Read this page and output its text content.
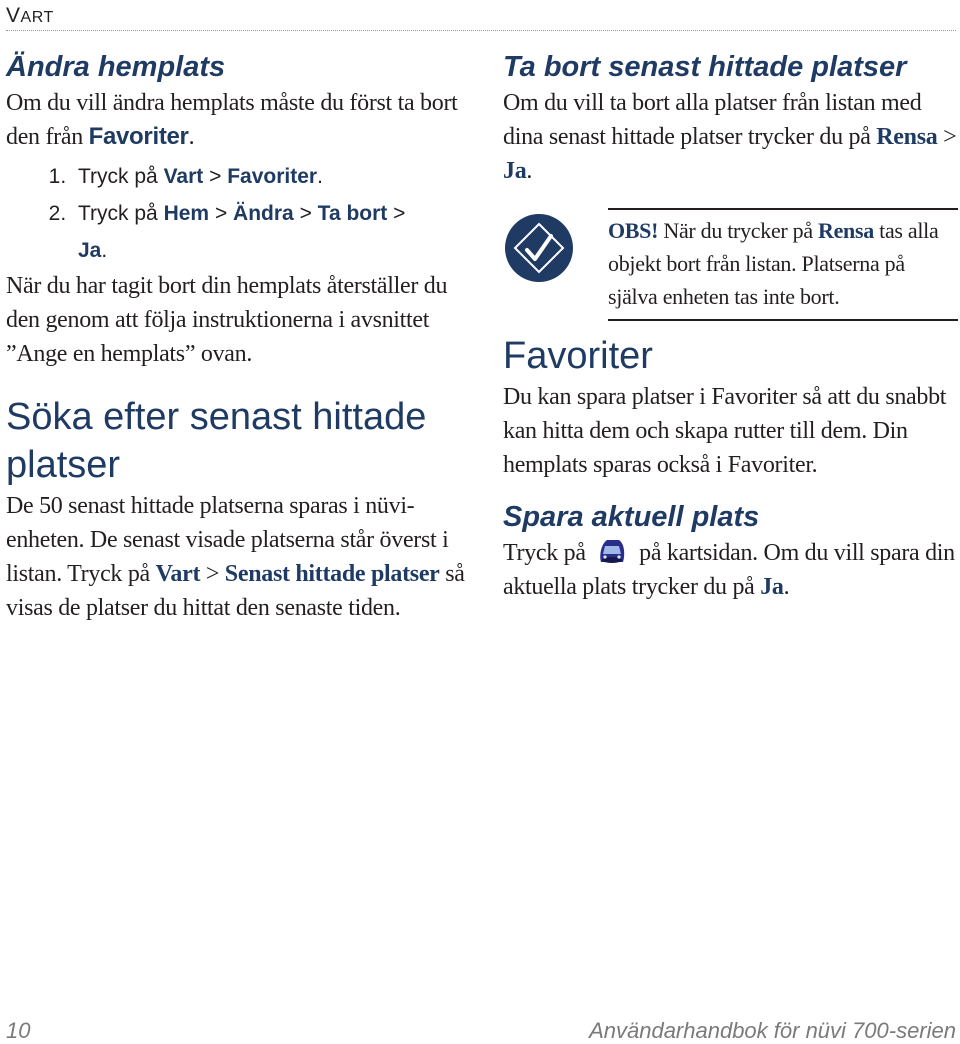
VART
Ändra hemplats

Om du vill ändra hemplats måste du först ta bort den från Favoriter.

1. Tryck på Vart > Favoriter.
2. Tryck på Hem > Ändra > Ta bort >
Ja.

När du har tagit bort din hemplats återställer du den genom att följa instruktionerna i avsnittet ”Ange en hemplats” ovan.

Söka efter senast hittade platser

De 50 senast hittade platserna sparas i nüvi-enheten. De senast visade platserna står överst i listan. Tryck på Vart > Senast hittade platser så visas de platser du hittat den senaste tiden.

Ta bort senast hittade platser

Om du vill ta bort alla platser från listan med dina senast hittade platser trycker du på Rensa > Ja.

OBS! När du trycker på Rensa tas alla objekt bort från listan. Platserna på själva enheten tas inte bort.

Favoriter

Du kan spara platser i Favoriter så att du snabbt kan hitta dem och skapa rutter till dem. Din hemplats sparas också i Favoriter.

Spara aktuell plats

Tryck på  på kartsidan. Om du vill spara din aktuella plats trycker du på Ja.

10	Användarhandbok för nüvi 700-serien
